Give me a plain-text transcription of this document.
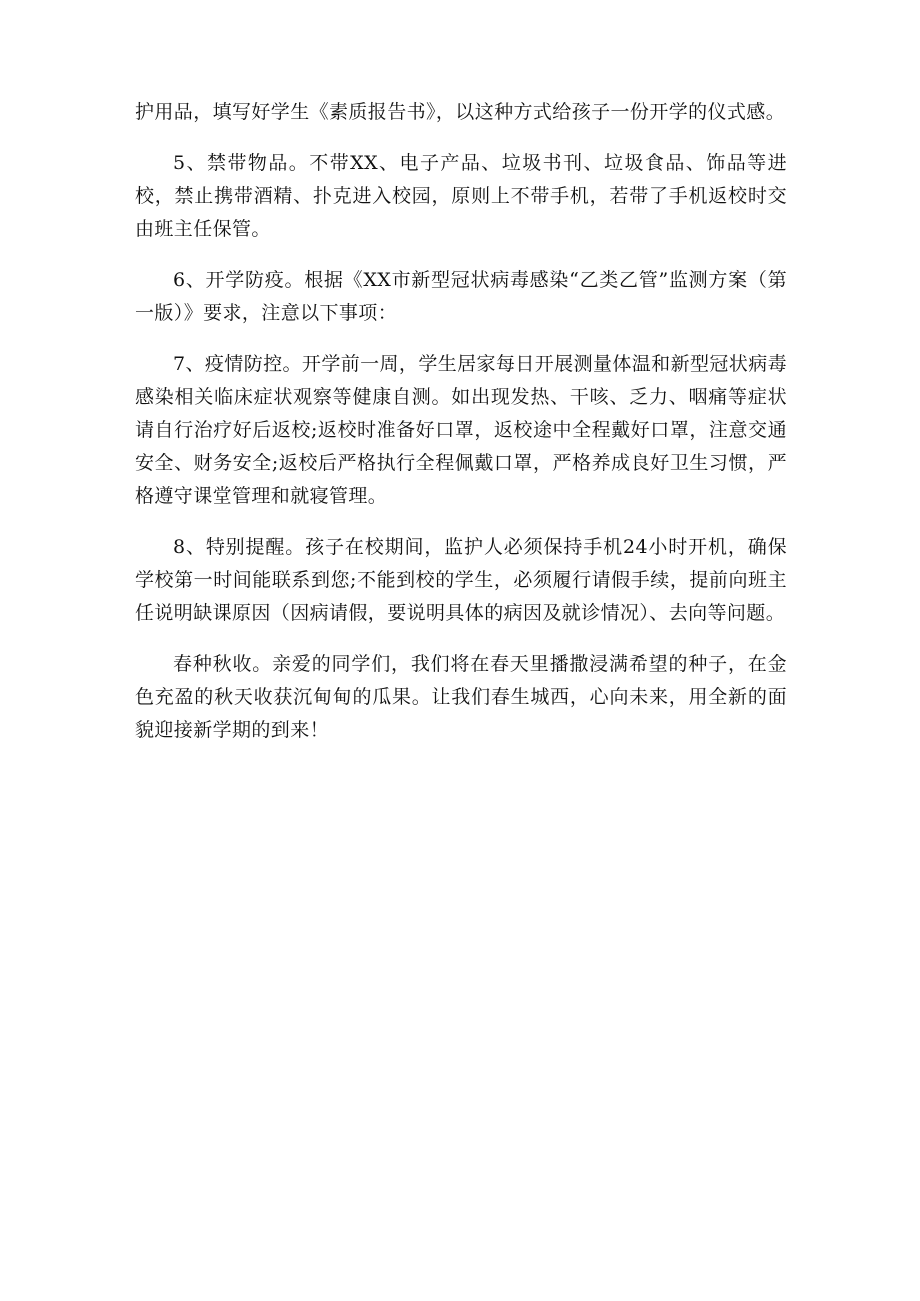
护用品，填写好学生《素质报告书》，以这种方式给孩子一份开学的仪式感。

5、禁带物品。不带XX、电子产品、垃圾书刊、垃圾食品、饰品等进校，禁止携带酒精、扑克进入校园，原则上不带手机，若带了手机返校时交由班主任保管。

6、开学防疫。根据《XX市新型冠状病毒感染“乙类乙管”监测方案（第一版）》要求，注意以下事项：

7、疫情防控。开学前一周，学生居家每日开展测量体温和新型冠状病毒感染相关临床症状观察等健康自测。如出现发热、干咳、乏力、咽痛等症状请自行治疗好后返校;返校时准备好口罩，返校途中全程戴好口罩，注意交通安全、财务安全;返校后严格执行全程佩戴口罩，严格养成良好卫生习惯，严格遵守课堂管理和就寝管理。

8、特别提醒。孩子在校期间，监护人必须保持手机24小时开机，确保学校第一时间能联系到您;不能到校的学生，必须履行请假手续，提前向班主任说明缺课原因（因病请假，要说明具体的病因及就诊情况）、去向等问题。

春种秋收。亲爱的同学们，我们将在春天里播撒浸满希望的种子，在金色充盈的秋天收获沉甸甸的瓜果。让我们春生城西，心向未来，用全新的面貌迎接新学期的到来！
